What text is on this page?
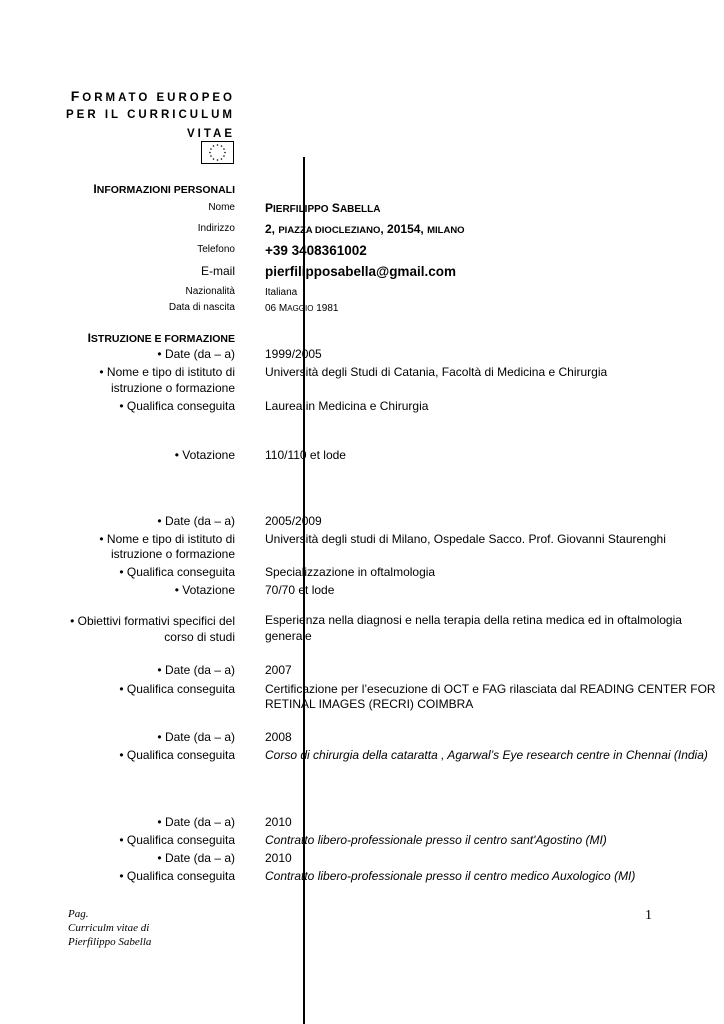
FORMATO EUROPEO
PER IL CURRICULUM
VITAE
INFORMAZIONI PERSONALI
Nome	PIERFILIPPO SABELLA
Indirizzo	2, PIAZZA DIOCLEZIANO, 20154, MILANO
Telefono +39 3408361002
E-mail pierfilipposabella@gmail.com
Nazionalità	Italiana
Data di nascita	06 MAGGIO 1981
ISTRUZIONE E FORMAZIONE
• Date (da – a)	1999/2005
• Nome e tipo di istituto di
istruzione o formazione
Università degli Studi di Catania, Facoltà di Medicina e Chirurgia
• Qualifica conseguita	Laurea in Medicina e Chirurgia
• Votazione	110/110 et lode
• Date (da – a)	2005/2009
• Nome e tipo di istituto di
istruzione o formazione
Università degli studi di Milano, Ospedale Sacco. Prof. Giovanni Staurenghi
• Qualifica conseguita	Specializzazione in oftalmologia
• Votazione	70/70 et lode
• Obiettivi formativi specifici del
corso di studi
Esperienza nella diagnosi e nella terapia della retina medica ed in oftalmologia
generale
• Date (da – a)	2007
• Qualifica conseguita	Certificazione per l’esecuzione di OCT e FAG rilasciata dal READING CENTER FOR
RETINAL IMAGES (RECRI) COIMBRA
• Date (da – a)	2008
• Qualifica conseguita	Corso di chirurgia della cataratta , Agarwal’s Eye research centre in Chennai (India)
• Date (da – a)	2010
• Qualifica conseguita	Contratto libero-professionale presso il centro sant'Agostino (MI)
• Date (da – a)	2010
• Qualifica conseguita	Contratto libero-professionale presso il centro medico Auxologico (MI)
Pag.
Curriculm vitae di
Pierfilippo Sabella
1
